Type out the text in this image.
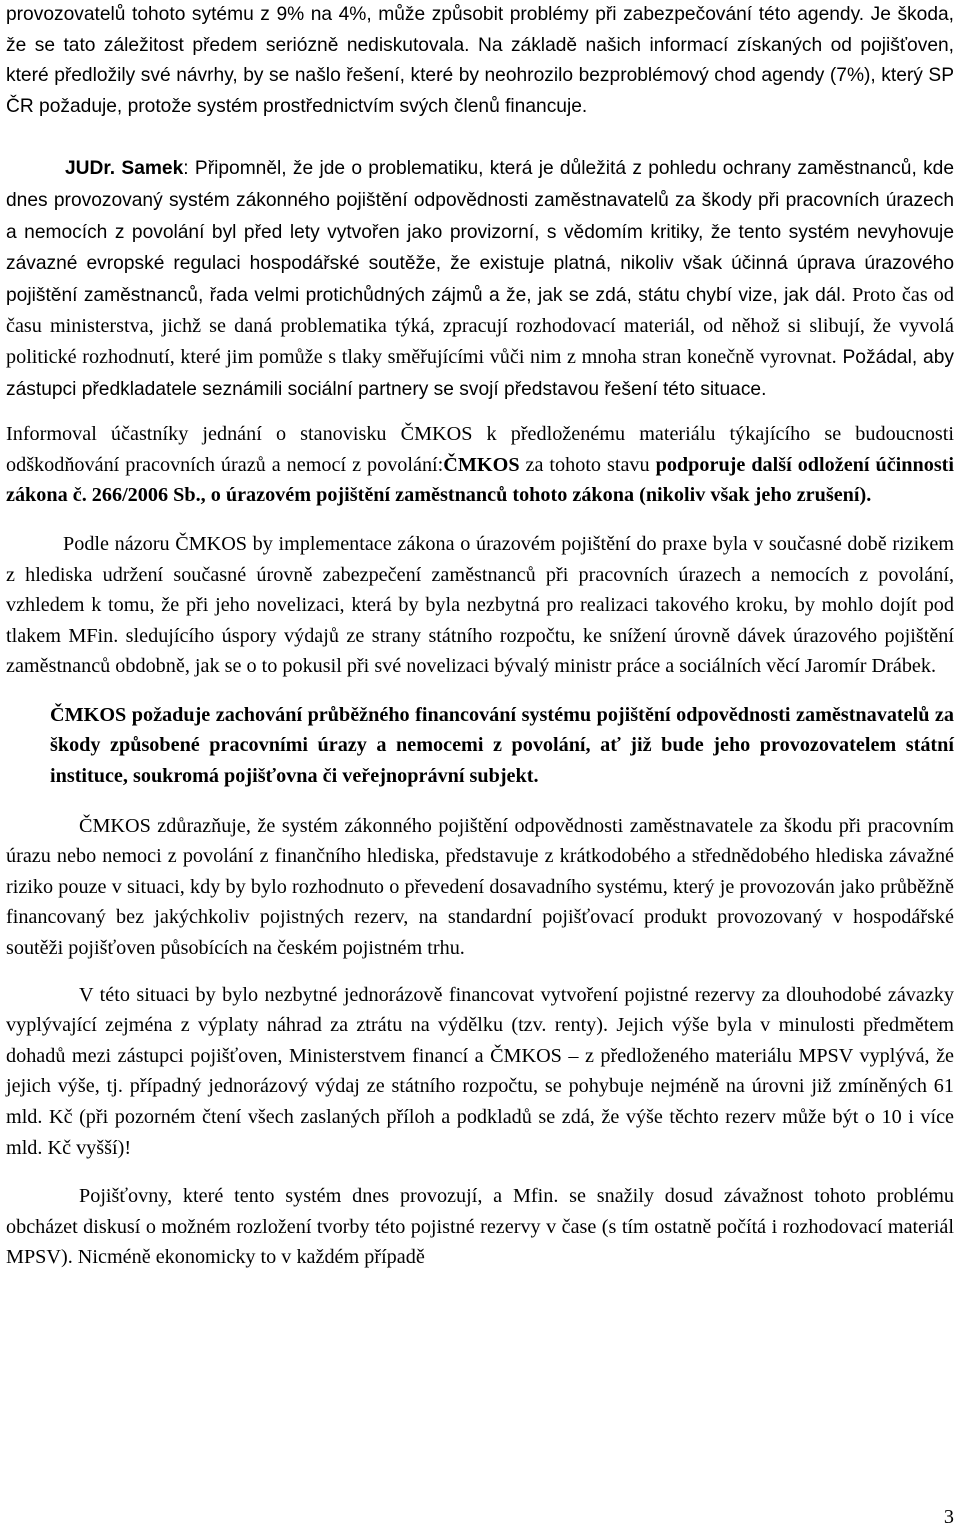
provozovatelů tohoto sytému z 9% na 4%, může způsobit problémy při zabezpečování této agendy. Je škoda, že se tato záležitost předem seriózně nediskutovala. Na základě našich informací získaných od pojišťoven, které předložily své návrhy, by se našlo řešení, které by neohrozilo bezproblémový chod agendy (7%), který SP ČR požaduje, protože systém prostřednictvím svých členů financuje.

JUDr. Samek: Připomněl, že jde o problematiku, která je důležitá z pohledu ochrany zaměstnanců, kde dnes provozovaný systém zákonného pojištění odpovědnosti zaměstnavatelů za škody při pracovních úrazech a nemocích z povolání byl před lety vytvořen jako provizorní, s vědomím kritiky, že tento systém nevyhovuje závazné evropské regulaci hospodářské soutěže, že existuje platná, nikoliv však účinná úprava úrazového pojištění zaměstnanců, řada velmi protichůdných zájmů a že, jak se zdá, státu chybí vize, jak dál. Proto čas od času ministerstva, jichž se daná problematika týká, zpracují rozhodovací materiál, od něhož si slibují, že vyvolá politické rozhodnutí, které jim pomůže s tlaky směřujícími vůči nim z mnoha stran konečně vyrovnat. Požádal, aby zástupci předkladatele seznámili sociální partnery se svojí představou řešení této situace.

Informoval účastníky jednání o stanovisku ČMKOS k předloženému materiálu týkajícího se budoucnosti odškodňování pracovních úrazů a nemocí z povolání:ČMKOS za tohoto stavu podporuje další odložení účinnosti zákona č. 266/2006 Sb., o úrazovém pojištění zaměstnanců tohoto zákona (nikoliv však jeho zrušení).

Podle názoru ČMKOS by implementace zákona o úrazovém pojištění do praxe byla v současné době rizikem z hlediska udržení současné úrovně zabezpečení zaměstnanců při pracovních úrazech a nemocích z povolání, vzhledem k tomu, že při jeho novelizaci, která by byla nezbytná pro realizaci takového kroku, by mohlo dojít pod tlakem MFin. sledujícího úspory výdajů ze strany státního rozpočtu, ke snížení úrovně dávek úrazového pojištění zaměstnanců obdobně, jak se o to pokusil při své novelizaci bývalý ministr práce a sociálních věcí Jaromír Drábek.

ČMKOS požaduje zachování průběžného financování systému pojištění odpovědnosti zaměstnavatelů za škody způsobené pracovními úrazy a nemocemi z povolání, ať již bude jeho provozovatelem státní instituce, soukromá pojišťovna či veřejnoprávní subjekt.

ČMKOS zdůrazňuje, že systém zákonného pojištění odpovědnosti zaměstnavatele za škodu při pracovním úrazu nebo nemoci z povolání z finančního hlediska, představuje z krátkodobého a střednědobého hlediska závažné riziko pouze v situaci, kdy by bylo rozhodnuto o převedení dosavadního systému, který je provozován jako průběžně financovaný bez jakýchkoliv pojistných rezerv, na standardní pojišťovací produkt provozovaný v hospodářské soutěži pojišťoven působících na českém pojistném trhu.

V této situaci by bylo nezbytné jednorázově financovat vytvoření pojistné rezervy za dlouhodobé závazky vyplývající zejména z výplaty náhrad za ztrátu na výdělku (tzv. renty). Jejich výše byla v minulosti předmětem dohadů mezi zástupci pojišťoven, Ministerstvem financí a ČMKOS – z předloženého materiálu MPSV vyplývá, že jejich výše, tj. případný jednorázový výdaj ze státního rozpočtu, se pohybuje nejméně na úrovni již zmíněných 61 mld. Kč (při pozorném čtení všech zaslaných příloh a podkladů se zdá, že výše těchto rezerv může být o 10 i více mld. Kč vyšší)!

Pojišťovny, které tento systém dnes provozují, a Mfin. se snažily dosud závažnost tohoto problému obcházet diskusí o možném rozložení tvorby této pojistné rezervy v čase (s tím ostatně počítá i rozhodovací materiál MPSV). Nicméně ekonomicky to v každém případě

3
